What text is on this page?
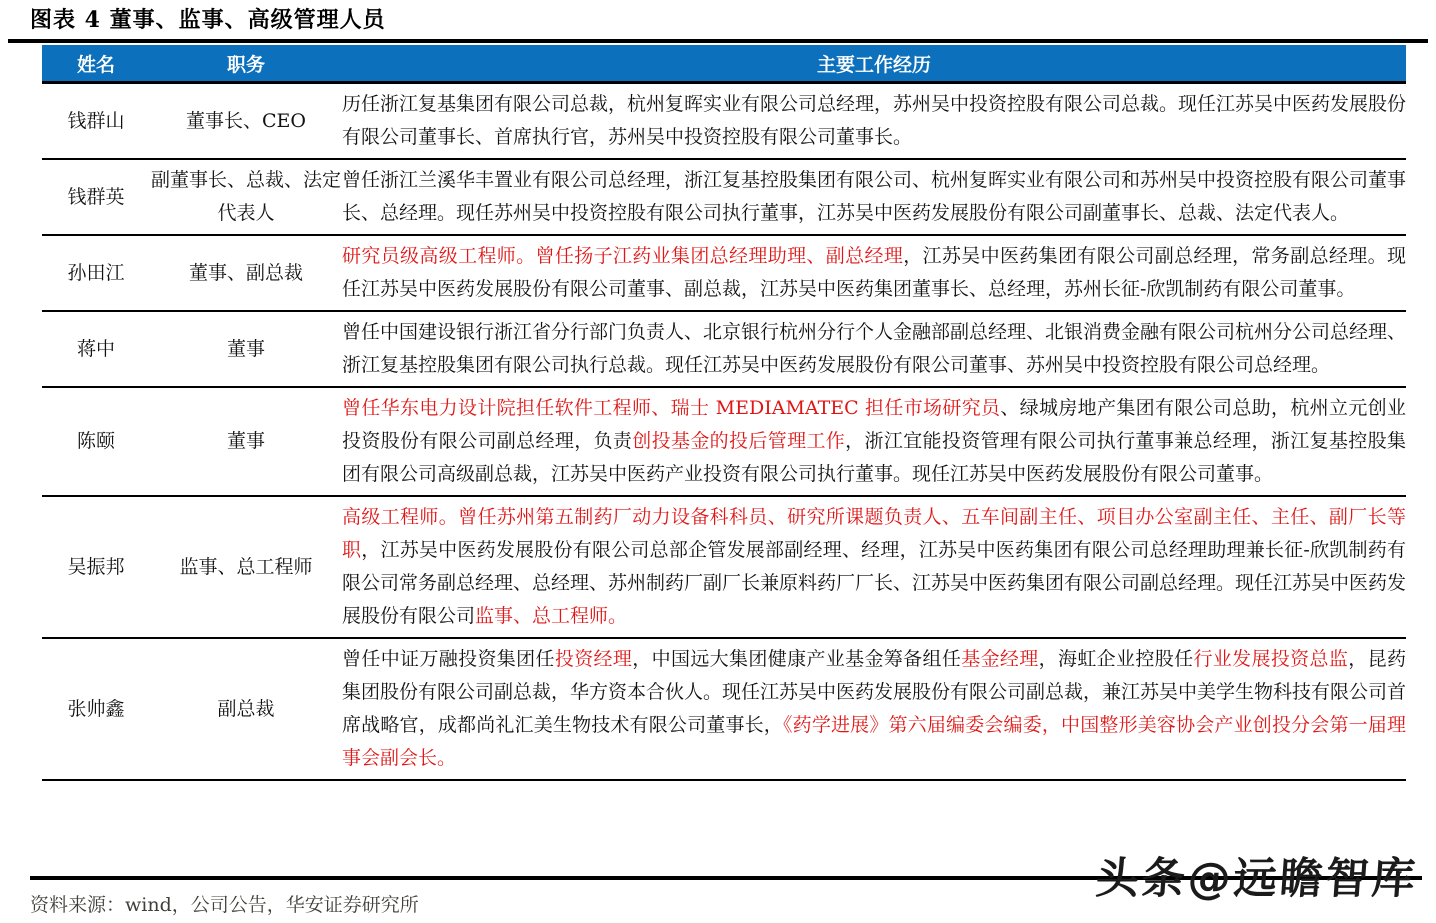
图表 4 董事、监事、高级管理人员
姓名	职务	主要工作经历
钱群山	董事长、CEO	历任浙江复基集团有限公司总裁，杭州复晖实业有限公司总经理，苏州吴中投资控股有限公司总裁。现任江苏吴中医药发展股份有限公司董事长、首席执行官，苏州吴中投资控股有限公司董事长。
钱群英	副董事长、总裁、法定代表人	曾任浙江兰溪华丰置业有限公司总经理，浙江复基控股集团有限公司、杭州复晖实业有限公司和苏州吴中投资控股有限公司董事长、总经理。现任苏州吴中投资控股有限公司执行董事，江苏吴中医药发展股份有限公司副董事长、总裁、法定代表人。
孙田江	董事、副总裁	研究员级高级工程师。曾任扬子江药业集团总经理助理、副总经理，江苏吴中医药集团有限公司副总经理，常务副总经理。现任江苏吴中医药发展股份有限公司董事、副总裁，江苏吴中医药集团董事长、总经理，苏州长征-欣凯制药有限公司董事。
蒋中	董事	曾任中国建设银行浙江省分行部门负责人、北京银行杭州分行个人金融部副总经理、北银消费金融有限公司杭州分公司总经理、浙江复基控股集团有限公司执行总裁。现任江苏吴中医药发展股份有限公司董事、苏州吴中投资控股有限公司总经理。
陈颐	董事	曾任华东电力设计院担任软件工程师、瑞士 MEDIAMATEC 担任市场研究员、绿城房地产集团有限公司总助，杭州立元创业投资股份有限公司副总经理，负责创投基金的投后管理工作，浙江宜能投资管理有限公司执行董事兼总经理，浙江复基控股集团有限公司高级副总裁，江苏吴中医药产业投资有限公司执行董事。现任江苏吴中医药发展股份有限公司董事。
吴振邦	监事、总工程师	高级工程师。曾任苏州第五制药厂动力设备科科员、研究所课题负责人、五车间副主任、项目办公室副主任、主任、副厂长等职，江苏吴中医药发展股份有限公司总部企管发展部副经理、经理，江苏吴中医药集团有限公司总经理助理兼长征-欣凯制药有限公司常务副总经理、总经理、苏州制药厂副厂长兼原料药厂厂长、江苏吴中医药集团有限公司副总经理。现任江苏吴中医药发展股份有限公司监事、总工程师。
张帅鑫	副总裁	曾任中证万融投资集团任投资经理，中国远大集团健康产业基金筹备组任基金经理，海虹企业控股任行业发展投资总监，昆药集团股份有限公司副总裁，华方资本合伙人。现任江苏吴中医药发展股份有限公司副总裁，兼江苏吴中美学生物科技有限公司首席战略官，成都尚礼汇美生物技术有限公司董事长，《药学进展》第六届编委会编委，中国整形美容协会产业创投分会第一届理事会副会长。
资料来源：wind，公司公告，华安证券研究所
头条@远瞻智库
